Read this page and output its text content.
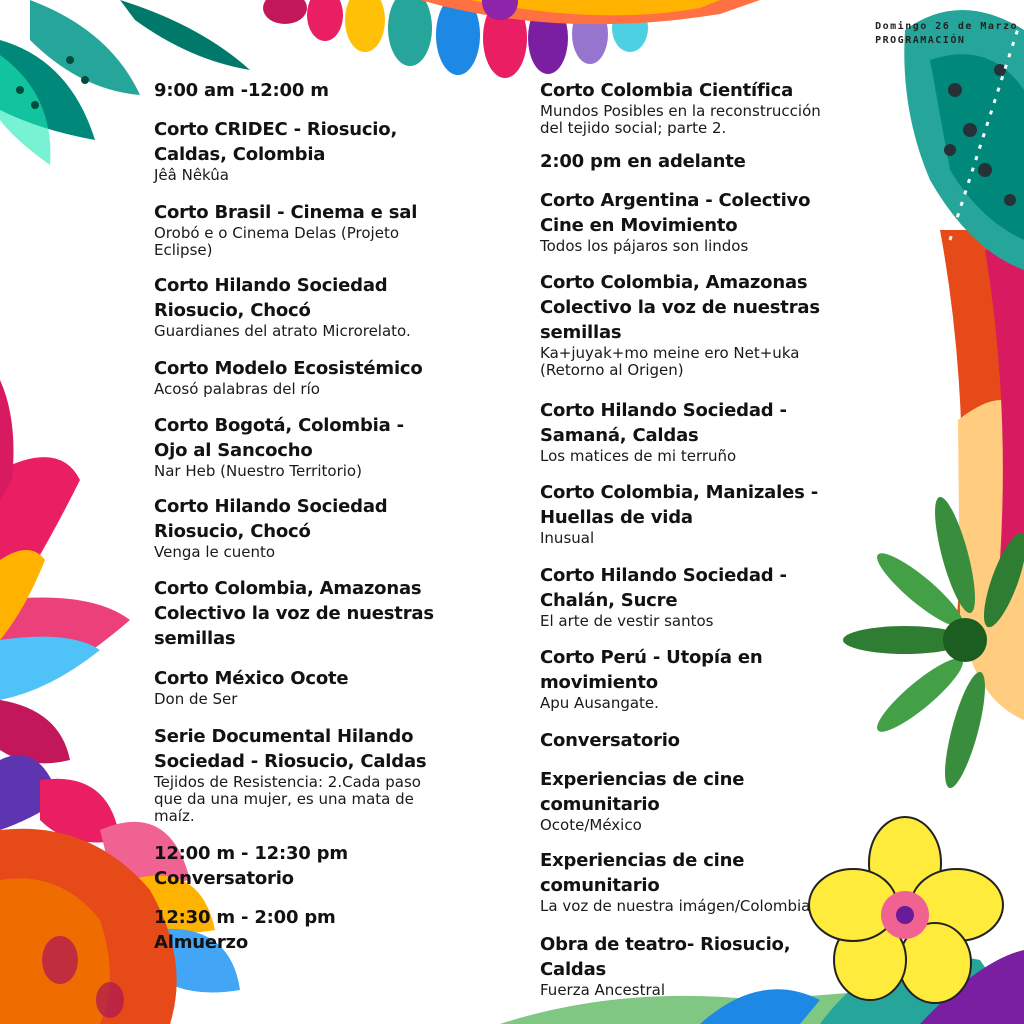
Domingo 26 de Marzo
PROGRAMACIÓN
9:00 am -12:00 m
Corto CRIDEC - Riosucio,
Caldas, Colombia
Jêâ Nêkûa
Corto Brasil - Cinema e sal
Orobó e o Cinema Delas (Projeto
Eclipse)
Corto Hilando Sociedad
Riosucio, Chocó
Guardianes del atrato Microrelato.
Corto Modelo Ecosistémico
Acosó palabras del río
Corto Bogotá, Colombia -
Ojo al Sancocho
Nar Heb (Nuestro Territorio)
Corto Hilando Sociedad
Riosucio, Chocó
Venga le cuento
Corto Colombia, Amazonas
Colectivo la voz de nuestras
semillas
Corto México Ocote
Don de Ser
Serie Documental Hilando
Sociedad - Riosucio, Caldas
Tejidos de Resistencia: 2.Cada paso
que da una mujer, es una mata de
maíz.
12:00 m - 12:30 pm
Conversatorio
12:30 m - 2:00 pm
Almuerzo
Corto Colombia Científica
Mundos Posibles en la reconstrucción
del tejido social; parte 2.
2:00 pm en adelante
Corto Argentina - Colectivo
Cine en Movimiento
Todos los pájaros son lindos
Corto Colombia, Amazonas
Colectivo la voz de nuestras
semillas
Ka+juyak+mo meine ero Net+uka
(Retorno al Origen)
Corto Hilando Sociedad -
Samaná, Caldas
Los matices de mi terruño
Corto Colombia, Manizales -
Huellas de vida
Inusual
Corto Hilando Sociedad -
Chalán, Sucre
El arte de vestir santos
Corto Perú - Utopía en
movimiento
Apu Ausangate.
Conversatorio
Experiencias de cine
comunitario
Ocote/México
Experiencias de cine
comunitario
La voz de nuestra imágen/Colombia
Obra de teatro- Riosucio,
Caldas
Fuerza Ancestral
